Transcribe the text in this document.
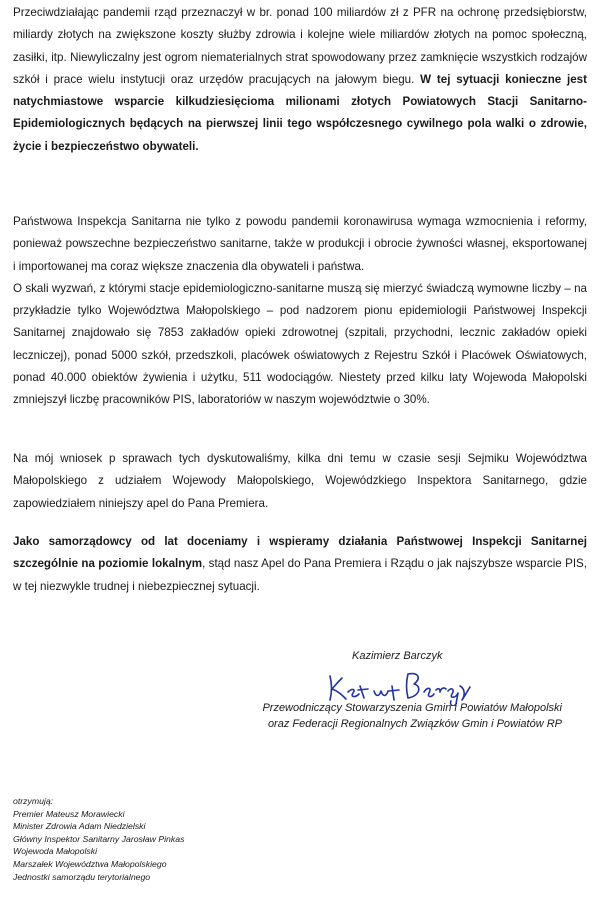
Przeciwdziałając pandemii rząd przeznaczył w br. ponad 100 miliardów zł z PFR na ochronę przedsiębiorstw, miliardy złotych na zwiększone koszty służby zdrowia i kolejne wiele miliardów złotych na pomoc społeczną, zasiłki, itp. Niewyliczalny jest ogrom niematerialnych strat spowodowany przez zamknięcie wszystkich rodzajów szkół i prace wielu instytucji oraz urzędów pracujących na jałowym biegu. W tej sytuacji konieczne jest natychmiastowe wsparcie kilkudziesięcioma milionami złotych Powiatowych Stacji Sanitarno-Epidemiologicznych będących na pierwszej linii tego współczesnego cywilnego pola walki o zdrowie, życie i bezpieczeństwo obywateli.

Państwowa Inspekcja Sanitarna nie tylko z powodu pandemii koronawirusa wymaga wzmocnienia i reformy, ponieważ powszechne bezpieczeństwo sanitarne, także w produkcji i obrocie żywności własnej, eksportowanej i importowanej ma coraz większe znaczenia dla obywateli i państwa.
O skali wyzwań, z którymi stacje epidemiologiczno-sanitarne muszą się mierzyć świadczą wymowne liczby – na przykładzie tylko Województwa Małopolskiego – pod nadzorem pionu epidemiologii Państwowej Inspekcji Sanitarnej znajdowało się 7853 zakładów opieki zdrowotnej (szpitali, przychodni, lecznic zakładów opieki leczniczej), ponad 5000 szkół, przedszkoli, placówek oświatowych z Rejestru Szkół i Placówek Oświatowych, ponad 40.000 obiektów żywienia i użytku, 511 wodociągów. Niestety przed kilku laty Wojewoda Małopolski zmniejszył liczbę pracowników PIS, laboratoriów w naszym województwie o 30%.

Na mój wniosek p sprawach tych dyskutowaliśmy, kilka dni temu w czasie sesji Sejmiku Województwa Małopolskiego z udziałem Wojewody Małopolskiego, Wojewódzkiego Inspektora Sanitarnego, gdzie zapowiedziałem niniejszy apel do Pana Premiera.

Jako samorządowcy od lat doceniamy i wspieramy działania Państwowej Inspekcji Sanitarnej szczególnie na poziomie lokalnym, stąd nasz Apel do Pana Premiera i Rządu o jak najszybsze wsparcie PIS, w tej niezwykle trudnej i niebezpiecznej sytuacji.

Kazimierz Barczyk
Przewodniczący Stowarzyszenia Gmin i Powiatów Małopolski
oraz Federacji Regionalnych Związków Gmin i Powiatów RP
otrzymują:
Premier Mateusz Morawiecki
Minister Zdrowia Adam Niedzielski
Główny Inspektor Sanitarny Jarosław Pinkas
Wojewoda Małopolski
Marszałek Województwa Małopolskiego
Jednostki samorządu terytorialnego
